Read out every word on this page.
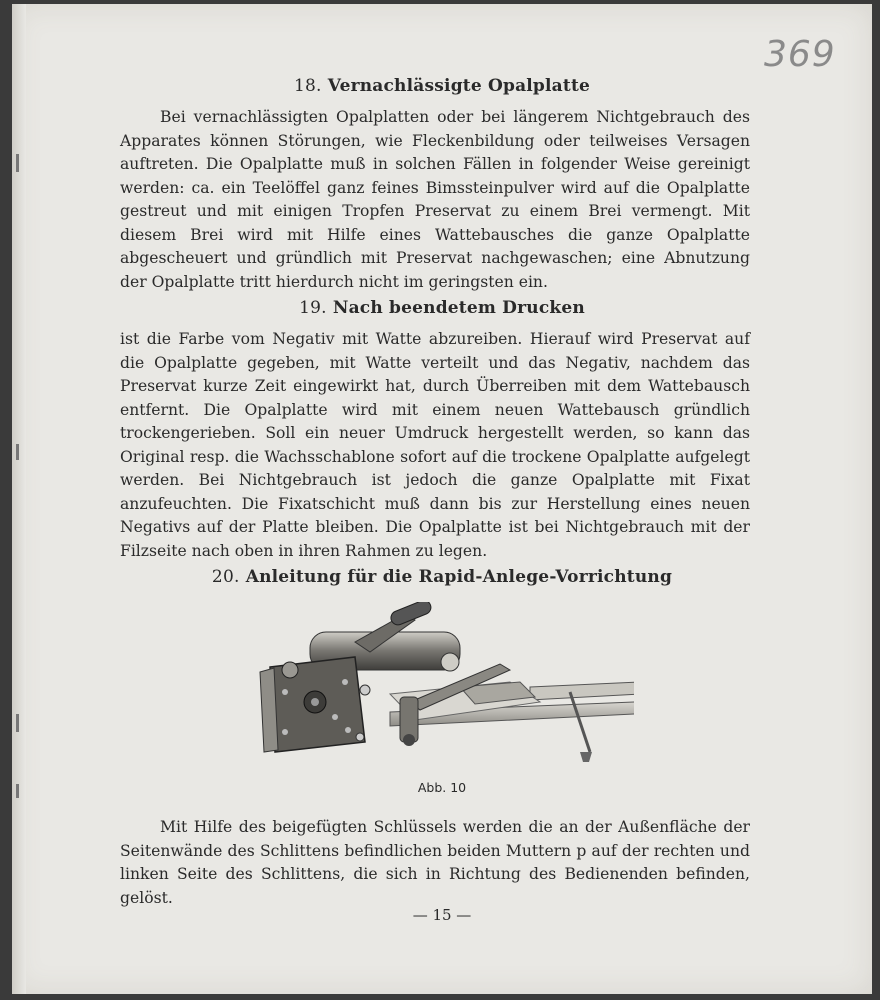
369
18. Vernachlässigte Opalplatte
Bei vernachlässigten Opalplatten oder bei längerem Nichtgebrauch des Apparates können Störungen, wie Fleckenbildung oder teilweises Versagen auftreten. Die Opalplatte muß in solchen Fällen in folgender Weise gereinigt werden: ca. ein Teelöffel ganz feines Bimssteinpulver wird auf die Opalplatte gestreut und mit einigen Tropfen Preservat zu einem Brei vermengt. Mit diesem Brei wird mit Hilfe eines Wattebausches die ganze Opalplatte abgescheuert und gründlich mit Preservat nachgewaschen; eine Abnutzung der Opalplatte tritt hierdurch nicht im geringsten ein.
19. Nach beendetem Drucken
ist die Farbe vom Negativ mit Watte abzureiben. Hierauf wird Preservat auf die Opalplatte gegeben, mit Watte verteilt und das Negativ, nachdem das Preservat kurze Zeit eingewirkt hat, durch Überreiben mit dem Wattebausch entfernt. Die Opalplatte wird mit einem neuen Wattebausch gründlich trockengerieben. Soll ein neuer Umdruck hergestellt werden, so kann das Original resp. die Wachsschablone sofort auf die trockene Opalplatte aufgelegt werden. Bei Nichtgebrauch ist jedoch die ganze Opalplatte mit Fixat anzufeuchten. Die Fixatschicht muß dann bis zur Herstellung eines neuen Negativs auf der Platte bleiben. Die Opalplatte ist bei Nichtgebrauch mit der Filzseite nach oben in ihren Rahmen zu legen.
20. Anleitung für die Rapid-Anlege-Vorrichtung
Abb. 10
Mit Hilfe des beigefügten Schlüssels werden die an der Außenfläche der Seitenwände des Schlittens befindlichen beiden Muttern p auf der rechten und linken Seite des Schlittens, die sich in Richtung des Bedienenden befinden, gelöst.
— 15 —
